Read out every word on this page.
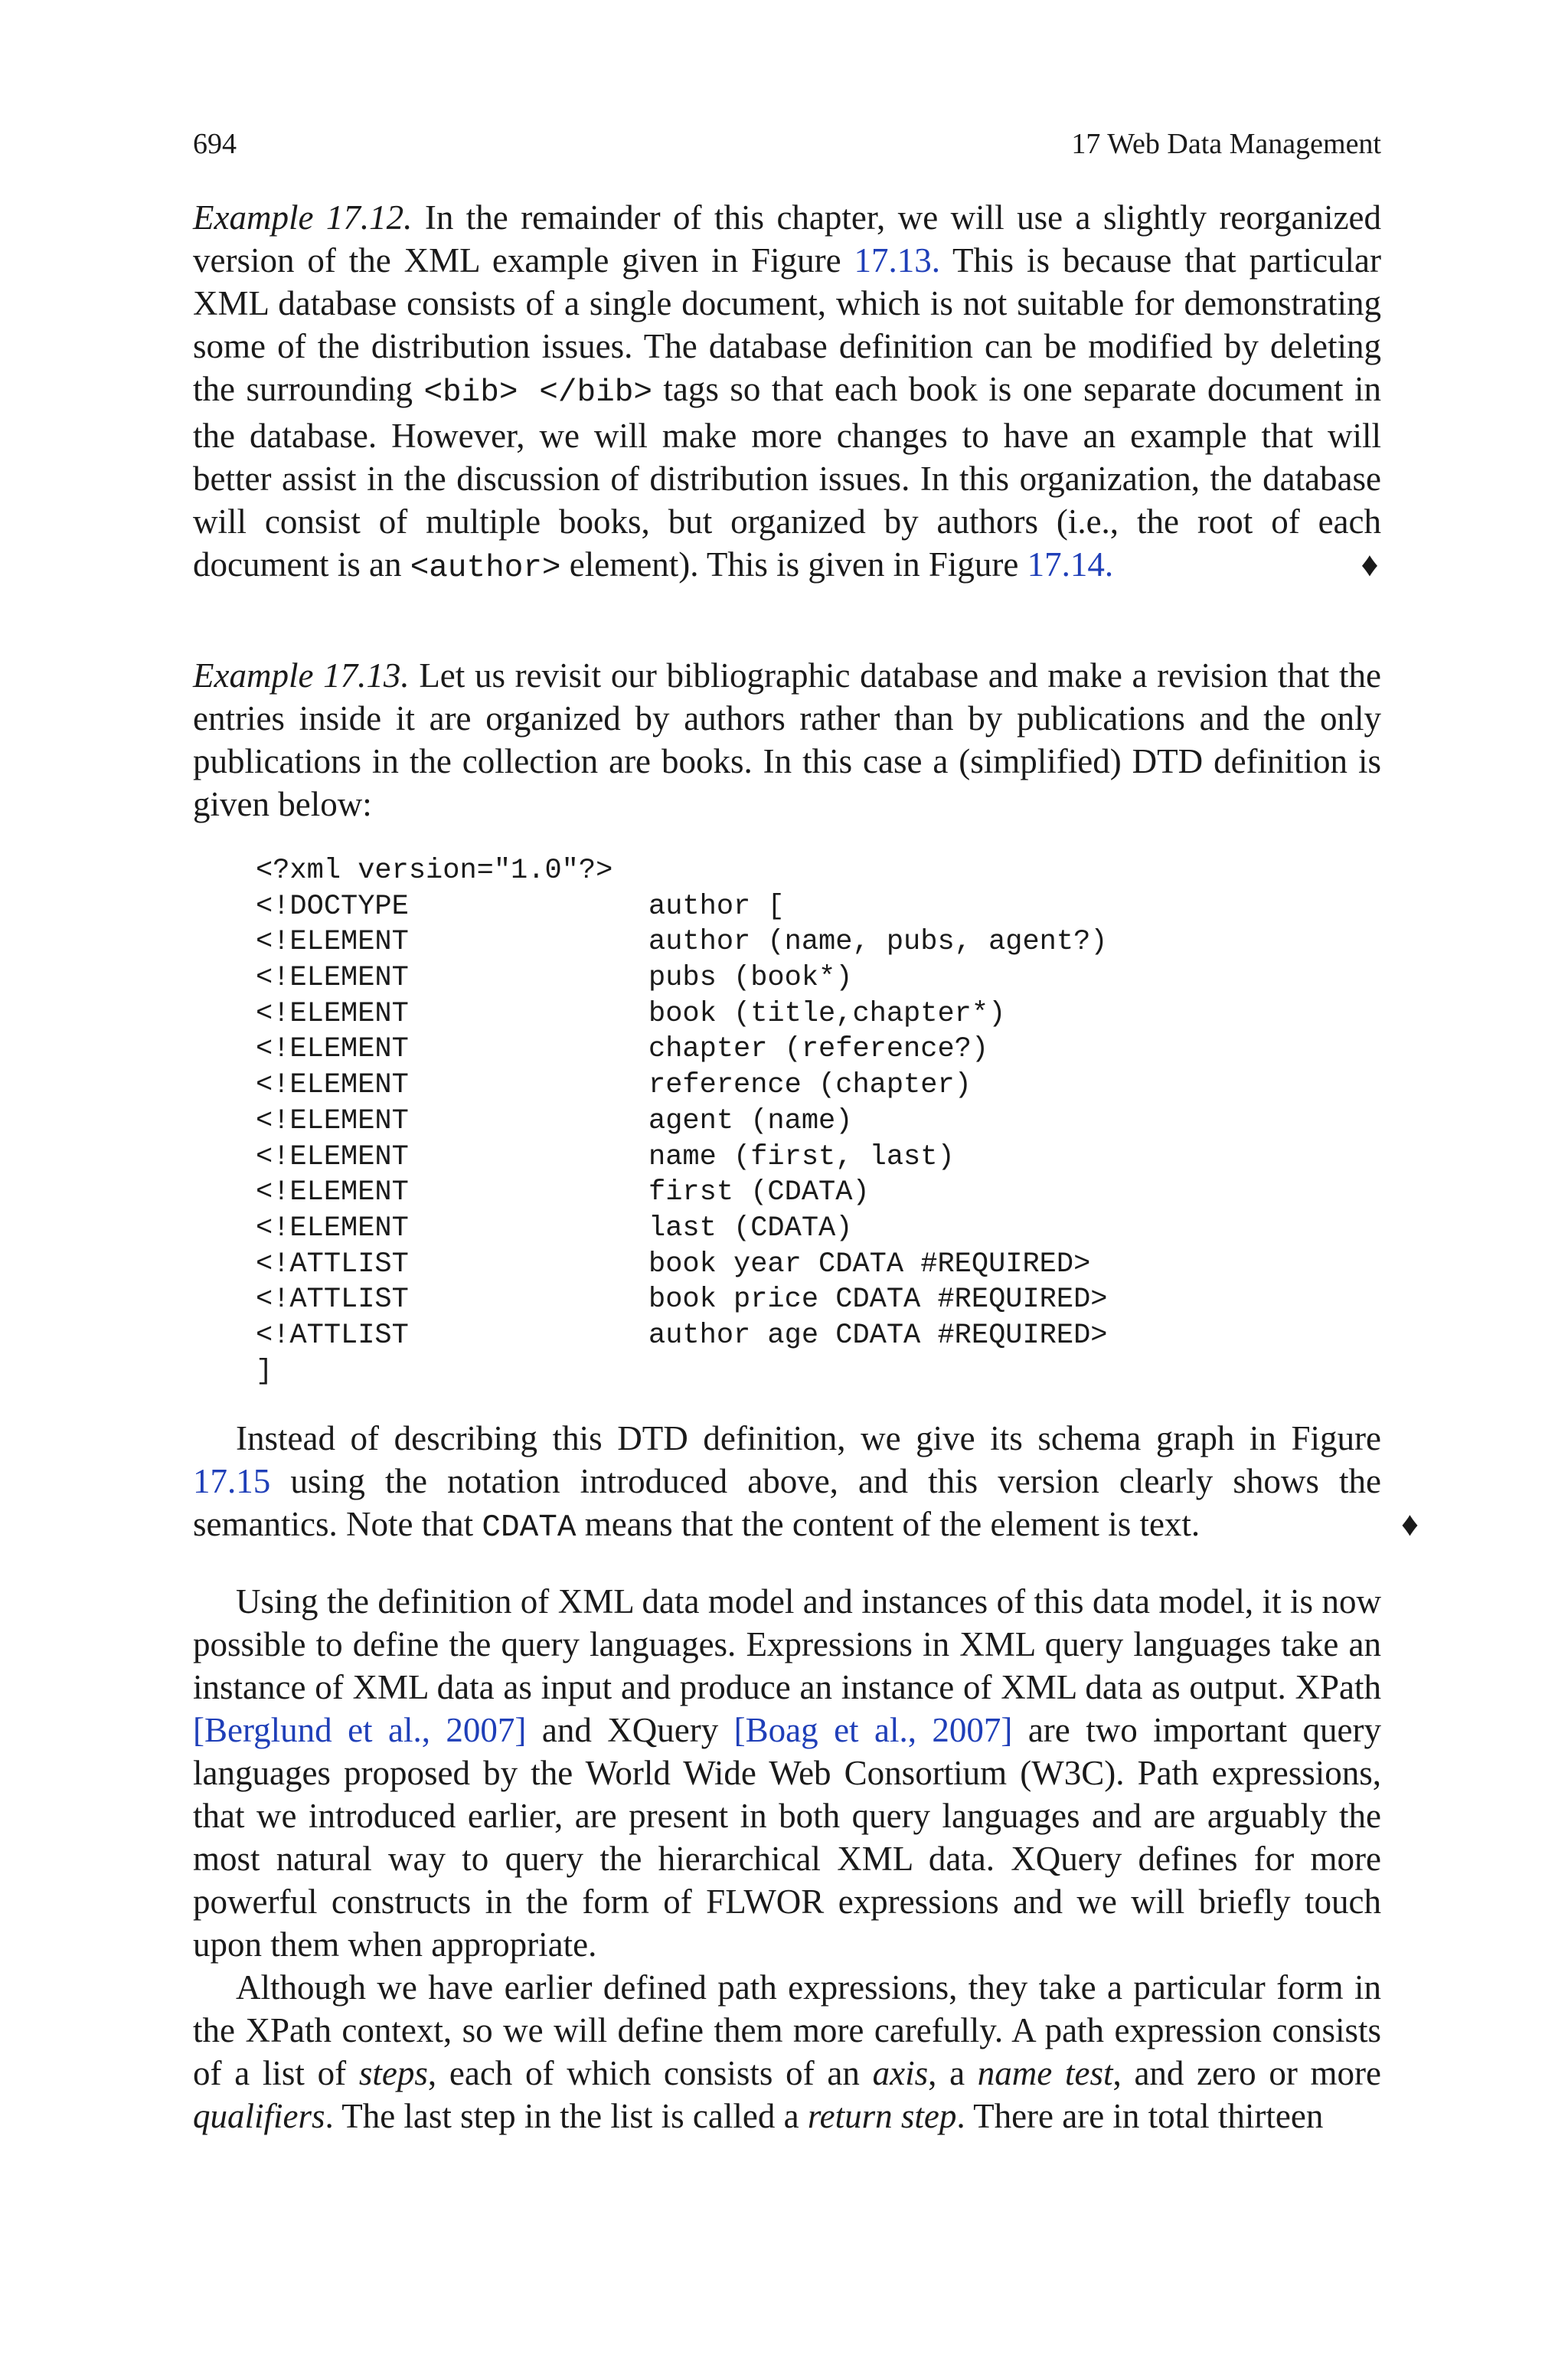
694	17 Web Data Management

Example 17.12. In the remainder of this chapter, we will use a slightly reorganized version of the XML example given in Figure 17.13. This is because that particular XML database consists of a single document, which is not suitable for demonstrating some of the distribution issues. The database definition can be modified by deleting the surrounding <bib> </bib> tags so that each book is one separate document in the database. However, we will make more changes to have an example that will better assist in the discussion of distribution issues. In this organization, the database will consist of multiple books, but organized by authors (i.e., the root of each document is an <author> element). This is given in Figure 17.14.	♦

Example 17.13. Let us revisit our bibliographic database and make a revision that the entries inside it are organized by authors rather than by publications and the only publications in the collection are books. In this case a (simplified) DTD definition is given below:

<?xml version="1.0"?>
<!DOCTYPE	author [
<!ELEMENT	author (name, pubs, agent?)
<!ELEMENT	pubs (book*)
<!ELEMENT	book (title,chapter*)
<!ELEMENT	chapter (reference?)
<!ELEMENT	reference (chapter)
<!ELEMENT	agent (name)
<!ELEMENT	name (first, last)
<!ELEMENT	first (CDATA)
<!ELEMENT	last (CDATA)
<!ATTLIST	book year CDATA #REQUIRED>
<!ATTLIST	book price CDATA #REQUIRED>
<!ATTLIST	author age CDATA #REQUIRED>
]

Instead of describing this DTD definition, we give its schema graph in Figure 17.15 using the notation introduced above, and this version clearly shows the semantics. Note that CDATA means that the content of the element is text.	♦

Using the definition of XML data model and instances of this data model, it is now possible to define the query languages. Expressions in XML query languages take an instance of XML data as input and produce an instance of XML data as output. XPath [Berglund et al., 2007] and XQuery [Boag et al., 2007] are two important query languages proposed by the World Wide Web Consortium (W3C). Path expressions, that we introduced earlier, are present in both query languages and are arguably the most natural way to query the hierarchical XML data. XQuery defines for more powerful constructs in the form of FLWOR expressions and we will briefly touch upon them when appropriate.

Although we have earlier defined path expressions, they take a particular form in the XPath context, so we will define them more carefully. A path expression consists of a list of steps, each of which consists of an axis, a name test, and zero or more qualifiers. The last step in the list is called a return step. There are in total thirteen
